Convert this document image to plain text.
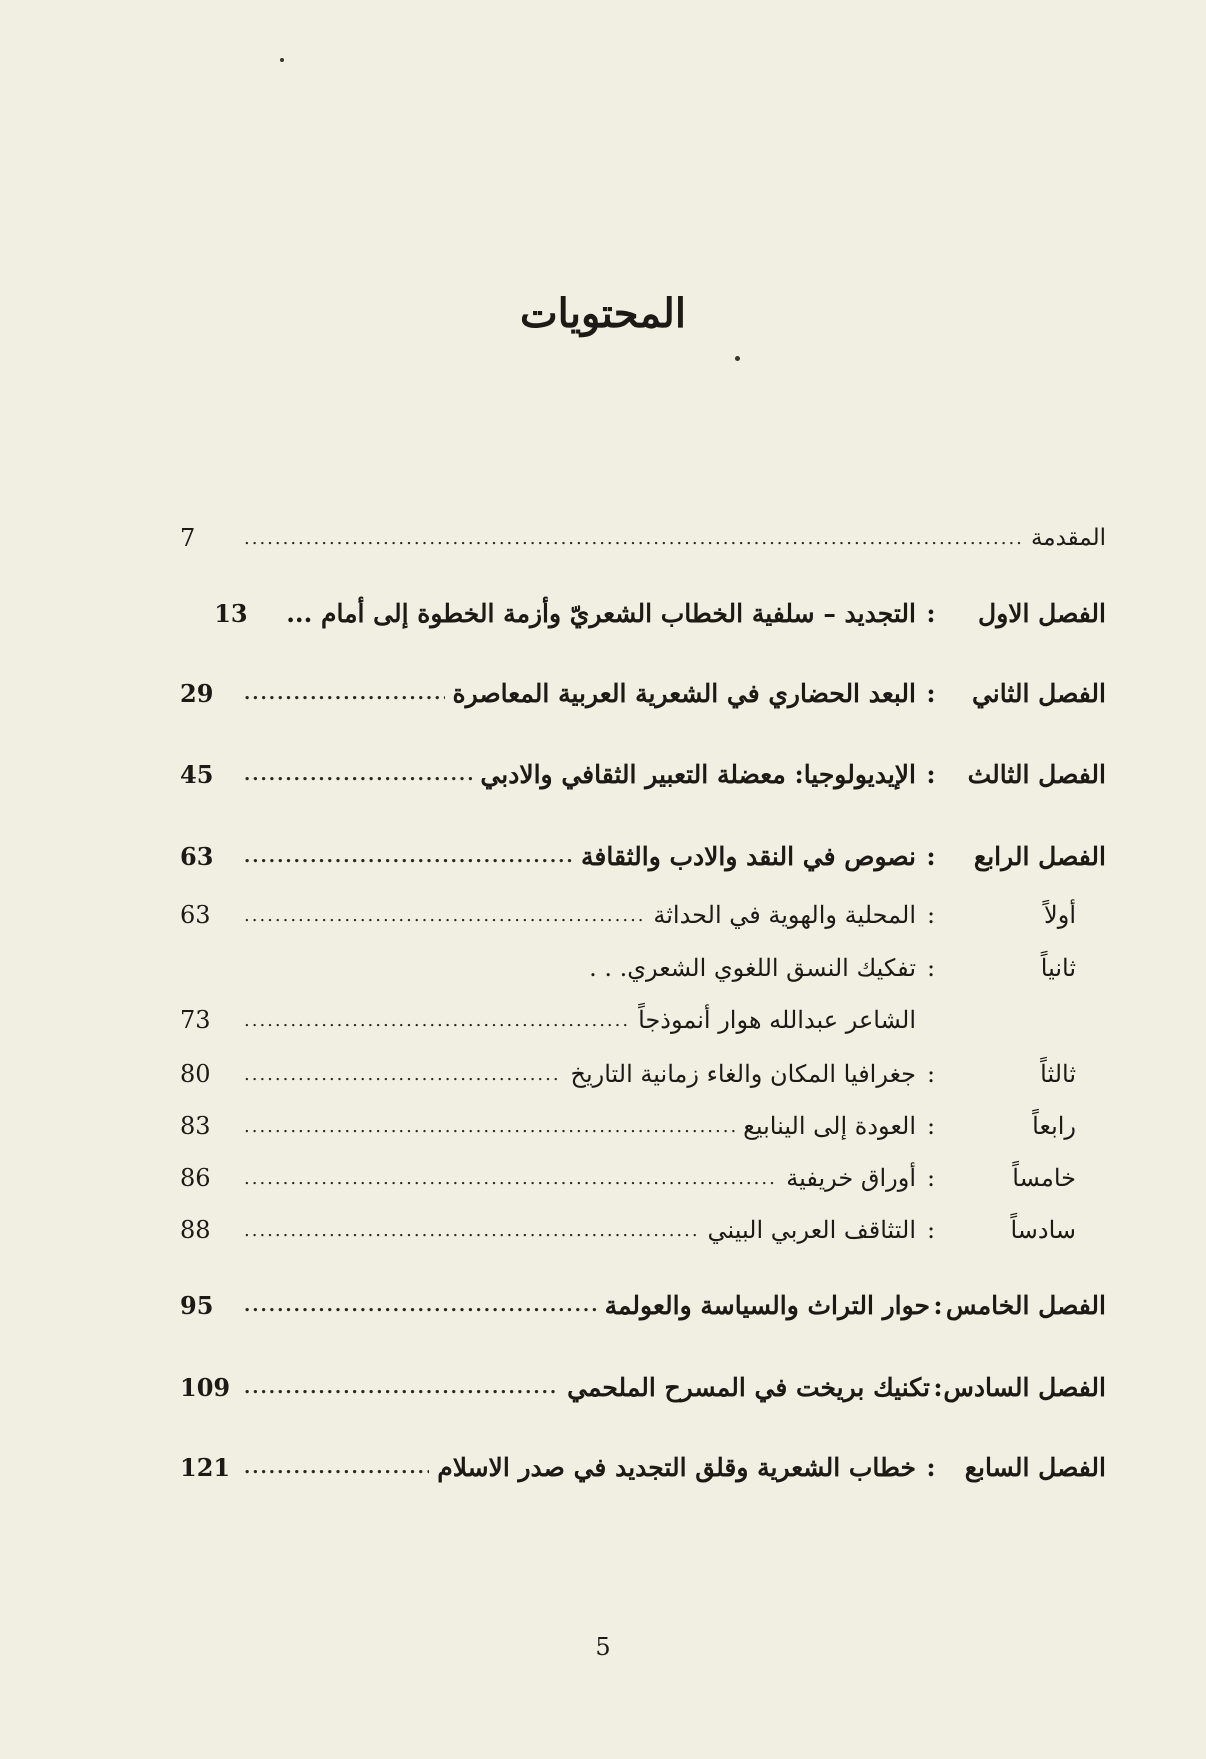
المحتويات
المقدمة
.....
7
الفصل الاول
:
التجديد – سلفية الخطاب الشعريّ وأزمة الخطوة إلى أمام ...
13
الفصل الثاني
:
البعد الحضاري في الشعرية العربية المعاصرة
.....
29
الفصل الثالث
:
الإيديولوجيا: معضلة التعبير الثقافي والادبي
.....
45
الفصل الرابع
:
نصوص في النقد والادب والثقافة
.....
63
أولاً
:
المحلية والهوية في الحداثة
.....
63
ثانياً
:
تفكيك النسق اللغوي الشعري. . .
الشاعر عبدالله هوار أنموذجاً
.....
73
ثالثاً
:
جغرافيا المكان والغاء زمانية التاريخ
.....
80
رابعاً
:
العودة إلى الينابيع
.....
83
خامساً
:
أوراق خريفية
.....
86
سادساً
:
التثاقف العربي البيني
.....
88
الفصل الخامس
:
حوار التراث والسياسة والعولمة
.....
95
الفصل السادس
:
تكنيك بريخت في المسرح الملحمي
.....
109
الفصل السابع
:
خطاب الشعرية وقلق التجديد في صدر الاسلام
.....
121
5
